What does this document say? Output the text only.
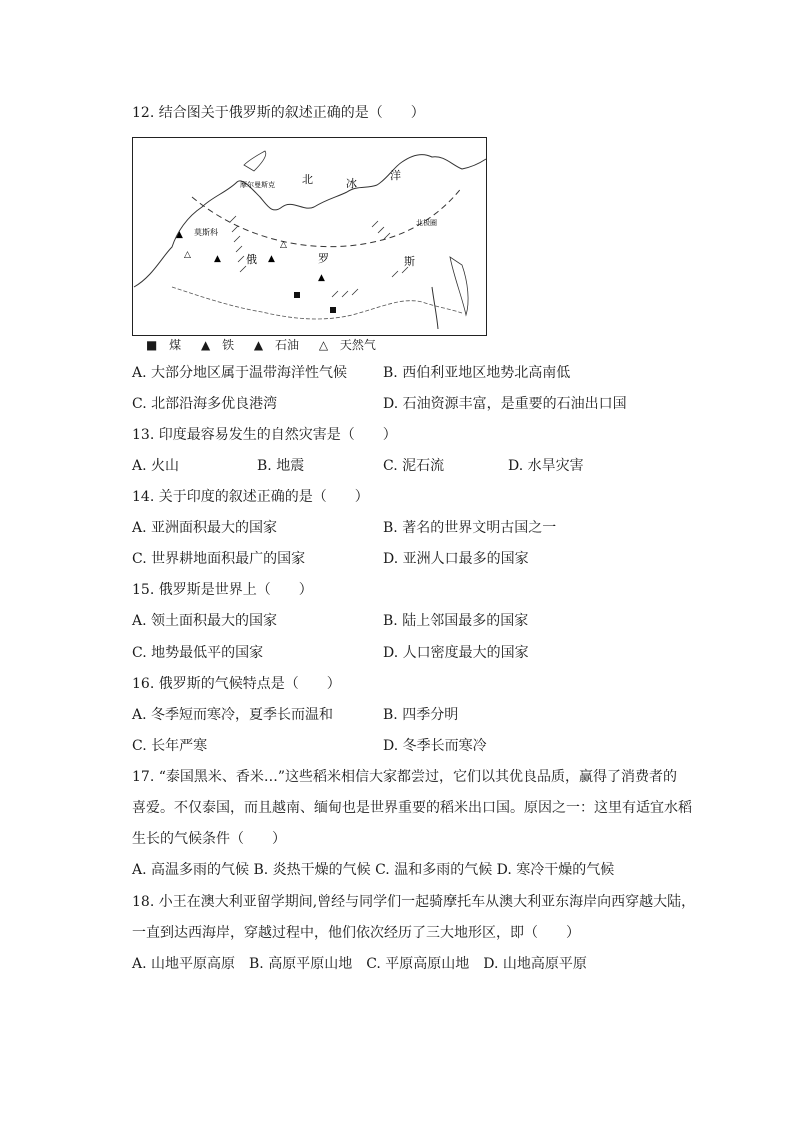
12. 结合图关于俄罗斯的叙述正确的是（　　）
▲
△	▲	▲
△
▲
北	冰
洋
摩尔曼斯克
莫斯科
俄	罗	斯
北极圈
■ 煤 ▲ 铁 ▲ 石油 △ 天然气
A. 大部分地区属于温带海洋性气候	B. 西伯利亚地区地势北高南低
C. 北部沿海多优良港湾	D. 石油资源丰富，是重要的石油出口国
13. 印度最容易发生的自然灾害是（　　）
A. 火山	B. 地震	C. 泥石流	D. 水旱灾害
14. 关于印度的叙述正确的是（　　）
A. 亚洲面积最大的国家	B. 著名的世界文明古国之一
C. 世界耕地面积最广的国家	D. 亚洲人口最多的国家
15. 俄罗斯是世界上（　　）
A. 领土面积最大的国家	B. 陆上邻国最多的国家
C. 地势最低平的国家	D. 人口密度最大的国家
16. 俄罗斯的气候特点是（　　）
A. 冬季短而寒冷，夏季长而温和	B. 四季分明
C. 长年严寒	D. 冬季长而寒冷
17. “泰国黑米、香米…”这些稻米相信大家都尝过，它们以其优良品质，赢得了消费者的
喜爱。不仅泰国，而且越南、缅甸也是世界重要的稻米出口国。原因之一：这里有适宜水稻
生长的气候条件（　　）
A. 高温多雨的气候 B. 炎热干燥的气候 C. 温和多雨的气候 D. 寒冷干燥的气候
18. 小王在澳大利亚留学期间,曾经与同学们一起骑摩托车从澳大利亚东海岸向西穿越大陆，
一直到达西海岸，穿越过程中，他们依次经历了三大地形区，即（　　）
A. 山地平原高原　B. 高原平原山地　C. 平原高原山地　D. 山地高原平原
